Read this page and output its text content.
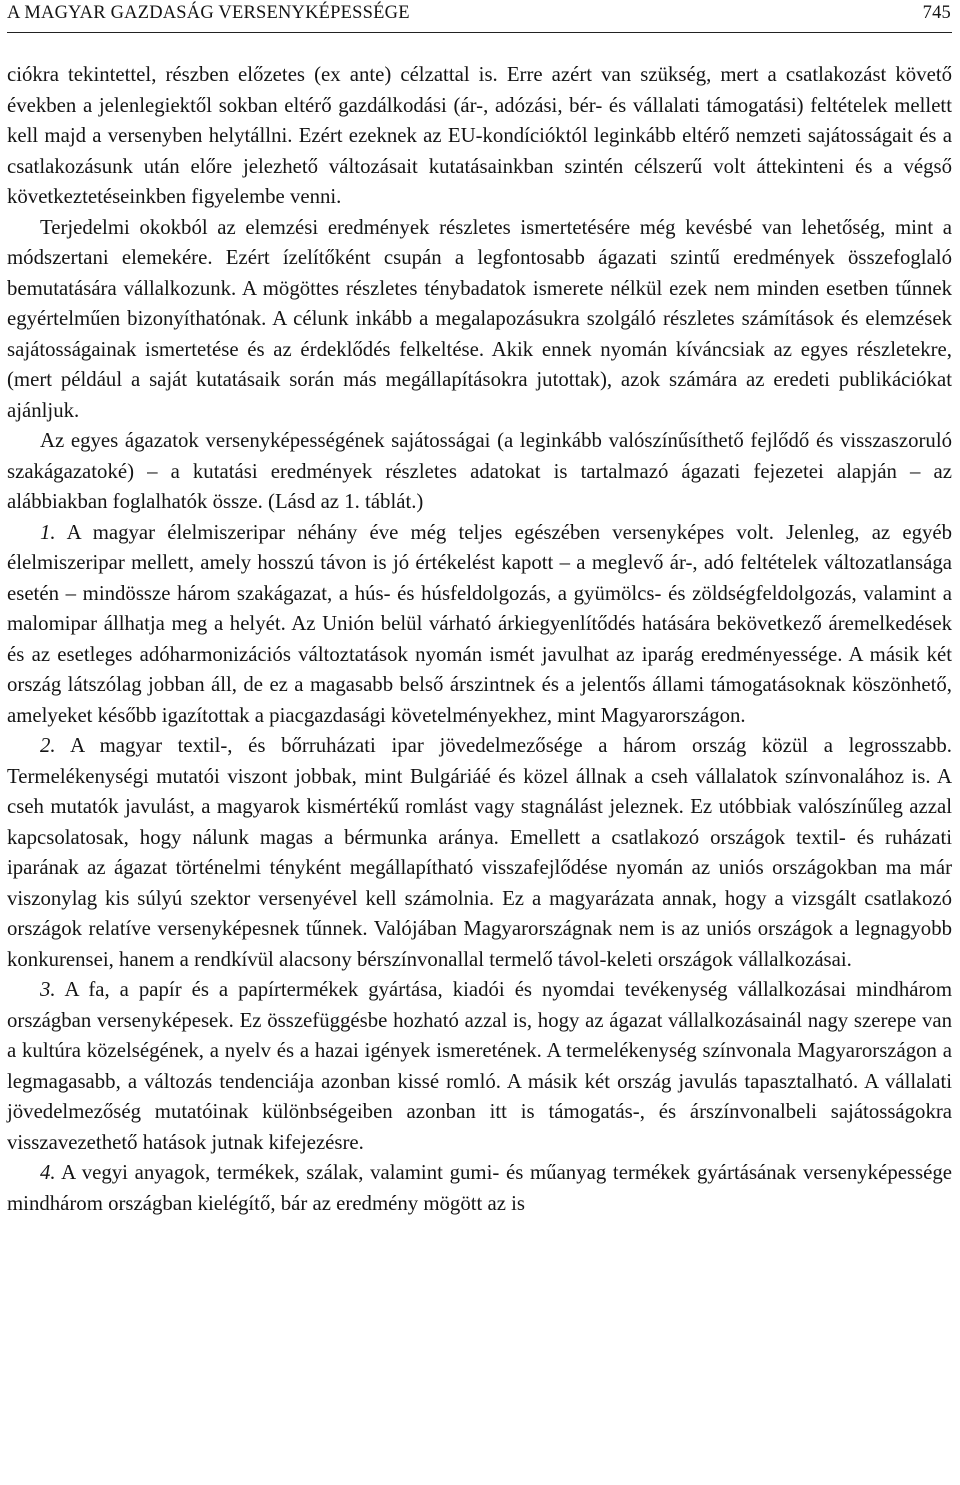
A MAGYAR GAZDASÁG VERSENYKÉPESSÉGE	745

ciókra tekintettel, részben előzetes (ex ante) célzattal is. Erre azért van szükség, mert a csatlakozást követő években a jelenlegiektől sokban eltérő gazdálkodási (ár-, adózási, bér- és vállalati támogatási) feltételek mellett kell majd a versenyben helytállni. Ezért ezeknek az EU-kondícióktól leginkább eltérő nemzeti sajátosságait és a csatlakozásunk után előre jelezhető változásait kutatásainkban szintén célszerű volt áttekinteni és a végső következtetéseinkben figyelembe venni.

Terjedelmi okokból az elemzési eredmények részletes ismertetésére még kevésbé van lehetőség, mint a módszertani elemekére. Ezért ízelítőként csupán a legfontosabb ágazati szintű eredmények összefoglaló bemutatására vállalkozunk. A mögöttes részletes ténybadatok ismerete nélkül ezek nem minden esetben tűnnek egyértelműen bizonyíthatónak. A célunk inkább a megalapozásukra szolgáló részletes számítások és elemzések sajátosságainak ismertetése és az érdeklődés felkeltése. Akik ennek nyomán kíváncsiak az egyes részletekre, (mert például a saját kutatásaik során más megállapításokra jutottak), azok számára az eredeti publikációkat ajánljuk.

Az egyes ágazatok versenyképességének sajátosságai (a leginkább valószínűsíthető fejlődő és visszaszoruló szakágazatoké) – a kutatási eredmények részletes adatokat is tartalmazó ágazati fejezetei alapján – az alábbiakban foglalhatók össze. (Lásd az 1. táblát.)

1. A magyar élelmiszeripar néhány éve még teljes egészében versenyképes volt. Jelenleg, az egyéb élelmiszeripar mellett, amely hosszú távon is jó értékelést kapott – a meglevő ár-, adó feltételek változatlansága esetén – mindössze három szakágazat, a hús- és húsfeldolgozás, a gyümölcs- és zöldségfeldolgozás, valamint a malomipar állhatja meg a helyét. Az Unión belül várható árkiegyenlítődés hatására bekövetkező áremelkedések és az esetleges adóharmonizációs változtatások nyomán ismét javulhat az iparág eredményessége. A másik két ország látszólag jobban áll, de ez a magasabb belső árszintnek és a jelentős állami támogatásoknak köszönhető, amelyeket később igazítottak a piacgazdasági követelményekhez, mint Magyarországon.

2. A magyar textil-, és bőrruházati ipar jövedelmezősége a három ország közül a legrosszabb. Termelékenységi mutatói viszont jobbak, mint Bulgáriáé és közel állnak a cseh vállalatok színvonalához is. A cseh mutatók javulást, a magyarok kismértékű romlást vagy stagnálást jeleznek. Ez utóbbiak valószínűleg azzal kapcsolatosak, hogy nálunk magas a bérmunka aránya. Emellett a csatlakozó országok textil- és ruházati iparának az ágazat történelmi tényként megállapítható visszafejlődése nyomán az uniós országokban ma már viszonylag kis súlyú szektor versenyével kell számolnia. Ez a magyarázata annak, hogy a vizsgált csatlakozó országok relatíve versenyképesnek tűnnek. Valójában Magyarországnak nem is az uniós országok a legnagyobb konkurensei, hanem a rendkívül alacsony bérszínvonallal termelő távol-keleti országok vállalkozásai.

3. A fa, a papír és a papírtermékek gyártása, kiadói és nyomdai tevékenység vállalkozásai mindhárom országban versenyképesek. Ez összefüggésbe hozható azzal is, hogy az ágazat vállalkozásainál nagy szerepe van a kultúra közelségének, a nyelv és a hazai igények ismeretének. A termelékenység színvonala Magyarországon a legmagasabb, a változás tendenciája azonban kissé romló. A másik két ország javulás tapasztalható. A vállalati jövedelmezőség mutatóinak különbségeiben azonban itt is támogatás-, és árszínvonalbeli sajátosságokra visszavezethető hatások jutnak kifejezésre.

4. A vegyi anyagok, termékek, szálak, valamint gumi- és műanyag termékek gyártásának versenyképessége mindhárom országban kielégítő, bár az eredmény mögött az is
